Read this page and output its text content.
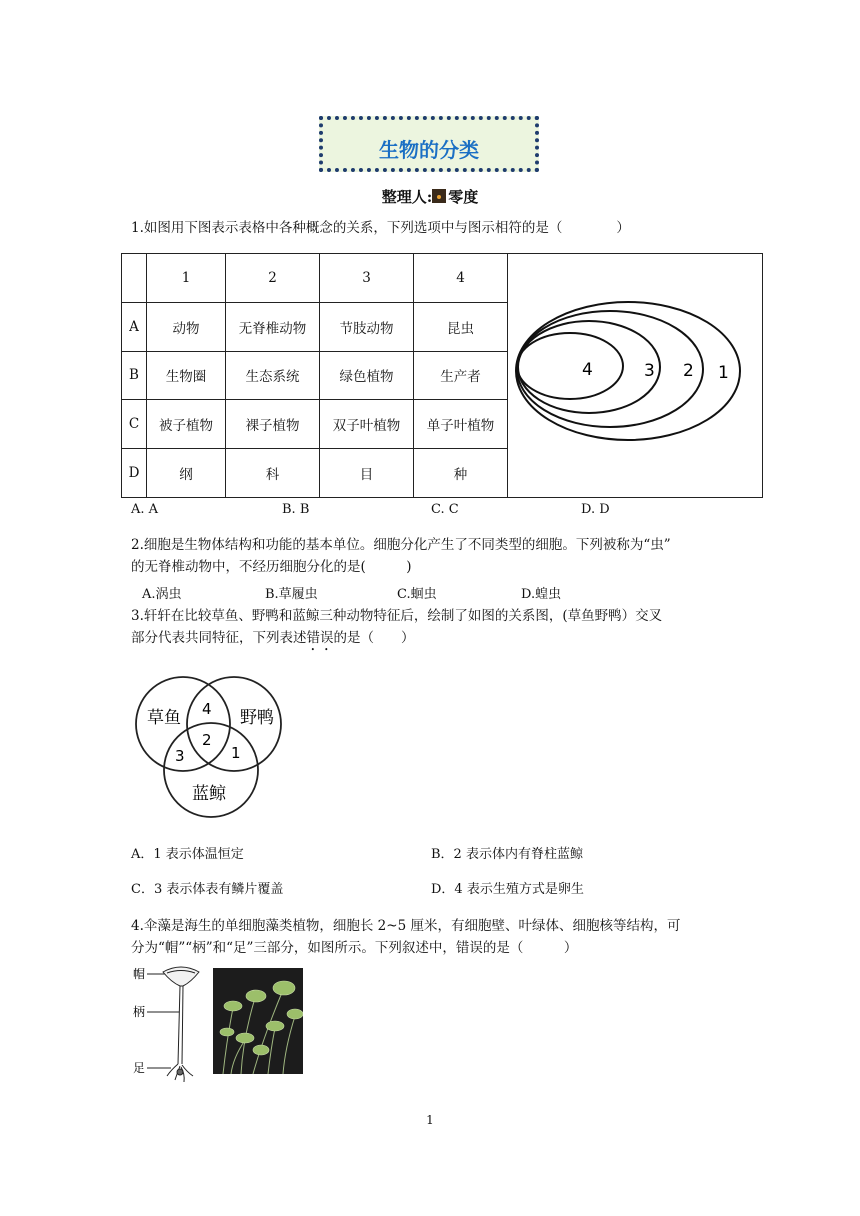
生物的分类
整理人: 零度
1.如图用下图表示表格中各种概念的关系，下列选项中与图示相符的是（　　　　）
	1	2	3	4	4 3 2 1

A	动物	无脊椎动物	节肢动物	昆虫	
B	生物圈	生态系统	绿色植物	生产者	
C	被子植物	裸子植物	双子叶植物	单子叶植物	
D	纲	科	目	种	
A. A	B. B	C. C	D. D
2.细胞是生物体结构和功能的基本单位。细胞分化产生了不同类型的细胞。下列被称为“虫”
的无脊椎动物中，不经历细胞分化的是(　　　)
A.涡虫	B.草履虫	C.蛔虫	D.蝗虫
3.轩轩在比较草鱼、野鸭和蓝鲸三种动物特征后，绘制了如图的关系图，(草鱼野鸭）交叉
部分代表共同特征，下列表述错误的是（　　）
草鱼	野鸭
蓝鲸
4
2
3	1
A．1 表示体温恒定	B．2 表示体内有脊柱蓝鲸
C．3 表示体表有鳞片覆盖	D．4 表示生殖方式是卵生
4.伞藻是海生的单细胞藻类植物，细胞长 2~5 厘米，有细胞壁、叶绿体、细胞核等结构，可
分为“帽”“柄”和“足”三部分，如图所示。下列叙述中，错误的是（　　　）
帽
柄
足
1
